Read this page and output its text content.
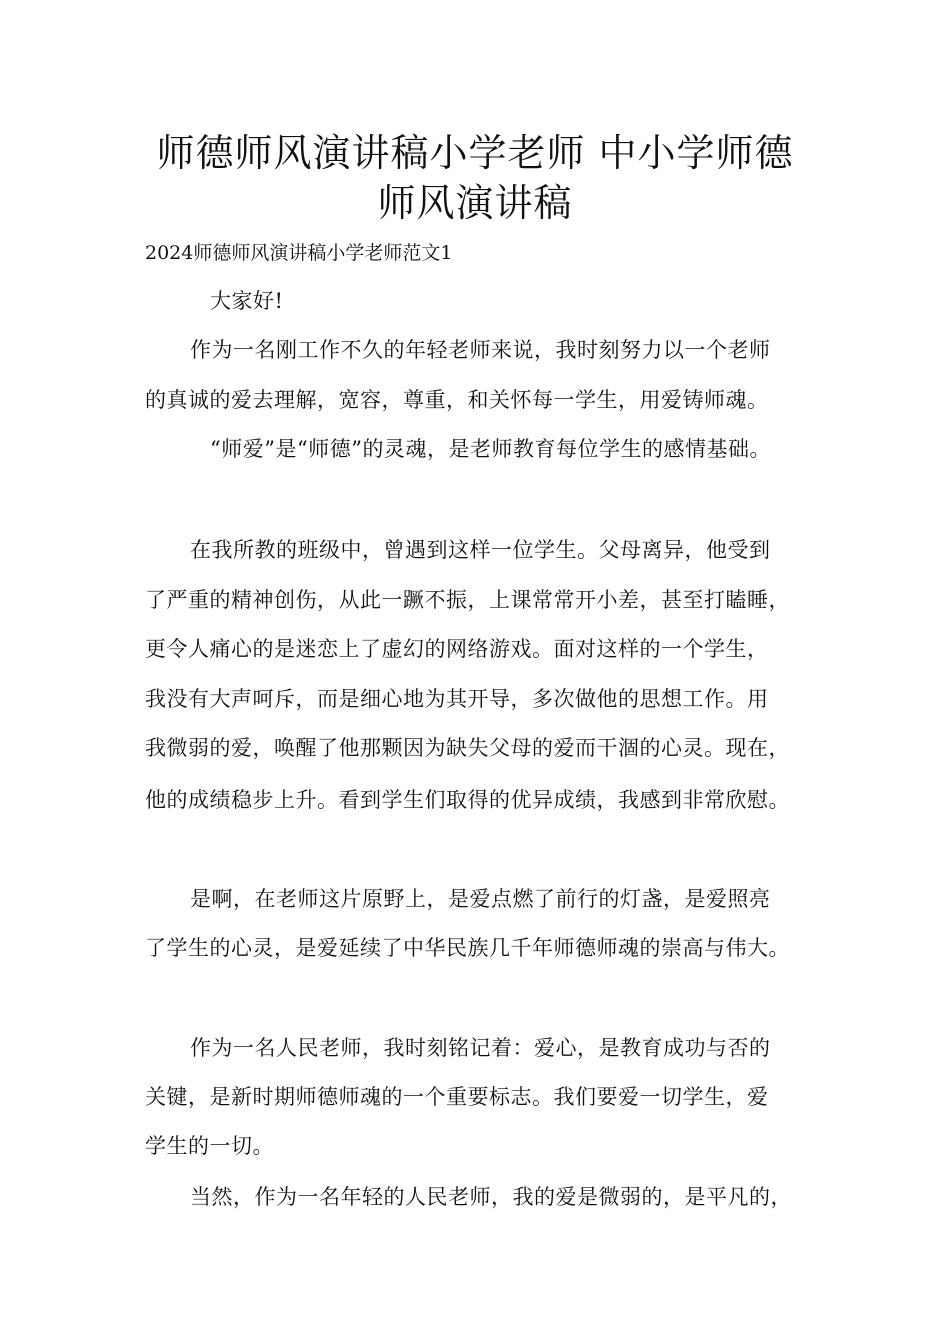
师德师风演讲稿小学老师 中小学师德
师风演讲稿
2024师德师风演讲稿小学老师范文1
大家好!
作为一名刚工作不久的年轻老师来说，我时刻努力以一个老师
的真诚的爱去理解，宽容，尊重，和关怀每一学生，用爱铸师魂。
“师爱”是“师德”的灵魂，是老师教育每位学生的感情基础。
在我所教的班级中，曾遇到这样一位学生。父母离异，他受到
了严重的精神创伤，从此一蹶不振，上课常常开小差，甚至打瞌睡，
更令人痛心的是迷恋上了虚幻的网络游戏。面对这样的一个学生，
我没有大声呵斥，而是细心地为其开导，多次做他的思想工作。用
我微弱的爱，唤醒了他那颗因为缺失父母的爱而干涸的心灵。现在，
他的成绩稳步上升。看到学生们取得的优异成绩，我感到非常欣慰。
是啊，在老师这片原野上，是爱点燃了前行的灯盏，是爱照亮
了学生的心灵，是爱延续了中华民族几千年师德师魂的崇高与伟大。
作为一名人民老师，我时刻铭记着：爱心，是教育成功与否的
关键，是新时期师德师魂的一个重要标志。我们要爱一切学生，爱
学生的一切。
当然，作为一名年轻的人民老师，我的爱是微弱的，是平凡的，
